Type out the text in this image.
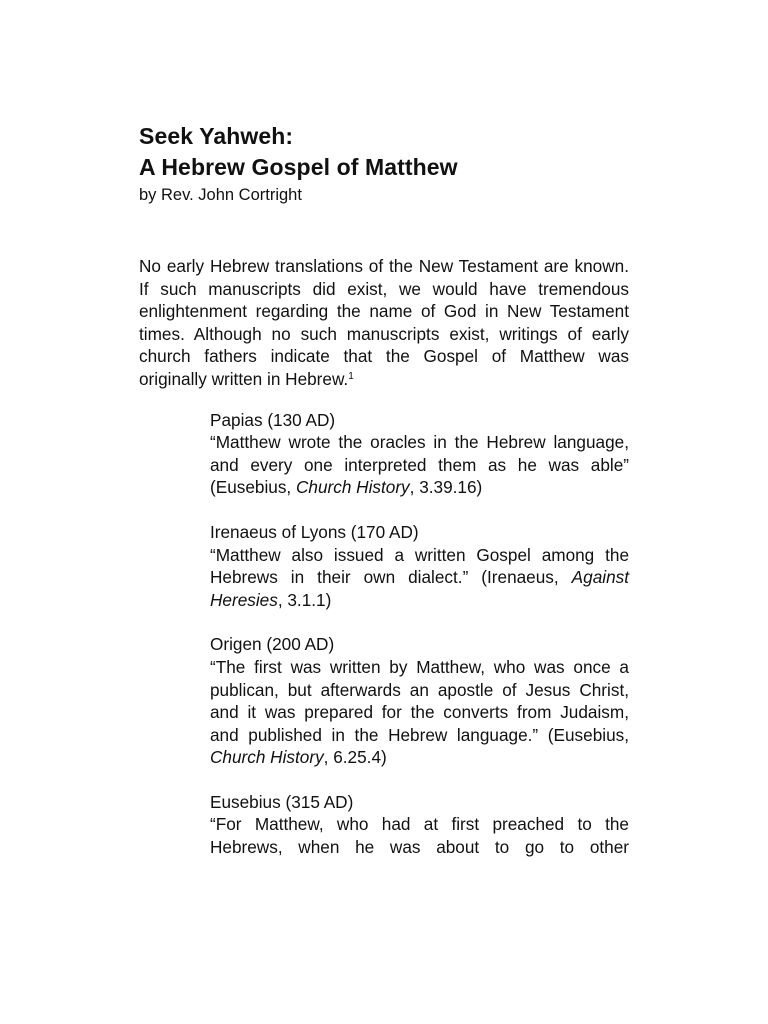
Seek Yahweh:

A Hebrew Gospel of Matthew

by Rev. John Cortright

No early Hebrew translations of the New Testament are known. If such manuscripts did exist, we would have tremendous enlightenment regarding the name of God in New Testament times. Although no such manuscripts exist, writings of early church fathers indicate that the Gospel of Matthew was originally written in Hebrew.$^1$

Papias (130 AD)

“Matthew wrote the oracles in the Hebrew language, and every one interpreted them as he was able” (Eusebius, Church History, 3.39.16)

Irenaeus of Lyons (170 AD)

“Matthew also issued a written Gospel among the Hebrews in their own dialect.” (Irenaeus, Against Heresies, 3.1.1)

Origen (200 AD)

“The first was written by Matthew, who was once a publican, but afterwards an apostle of Jesus Christ, and it was prepared for the converts from Judaism, and published in the Hebrew language.” (Eusebius, Church History, 6.25.4)

Eusebius (315 AD)

“For Matthew, who had at first preached to the Hebrews, when he was about to go to other
